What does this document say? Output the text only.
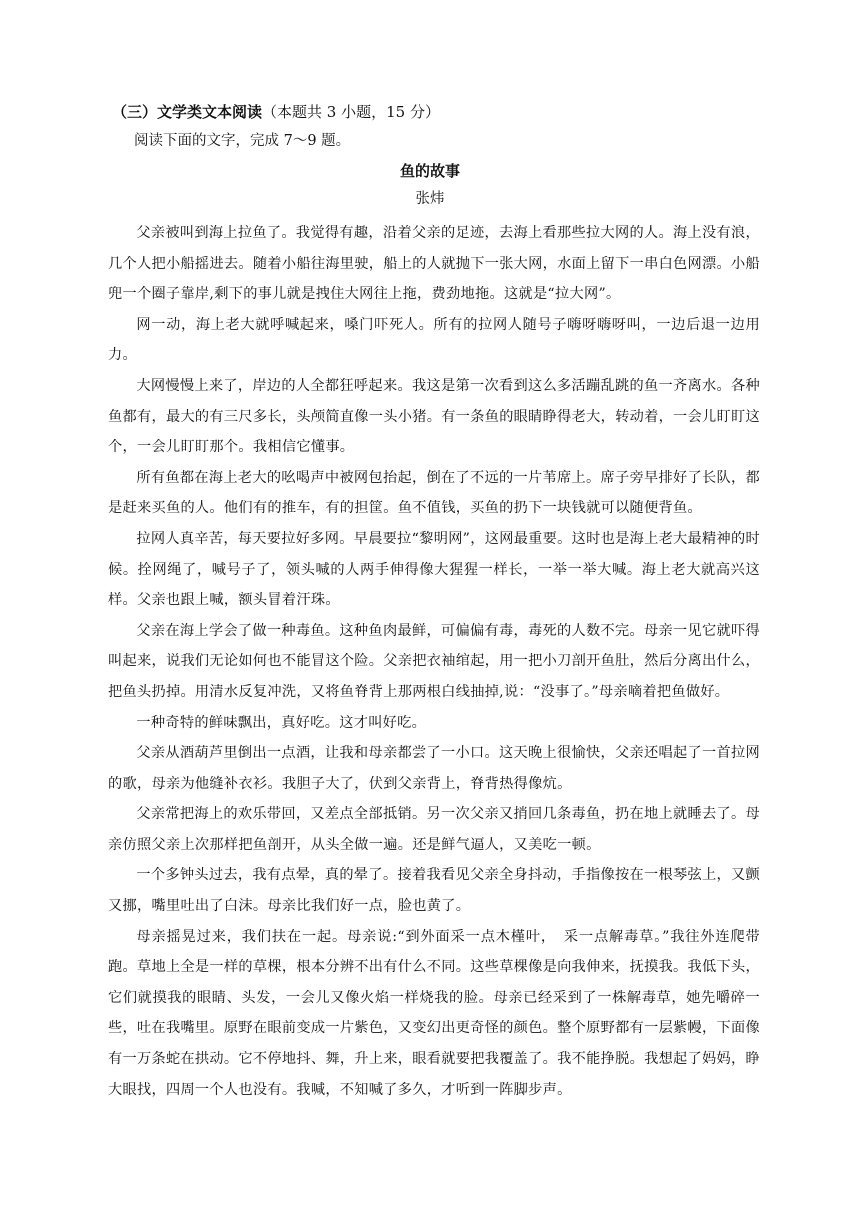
（三）文学类文本阅读（本题共 3 小题，15 分）
阅读下面的文字，完成 7～9 题。
鱼的故事
张炜

父亲被叫到海上拉鱼了。我觉得有趣，沿着父亲的足迹，去海上看那些拉大网的人。海上没有浪，几个人把小船摇进去。随着小船往海里驶，船上的人就抛下一张大网，水面上留下一串白色网漂。小船兜一个圈子靠岸,剩下的事儿就是拽住大网往上拖，费劲地拖。这就是“拉大网”。

网一动，海上老大就呼喊起来，嗓门吓死人。所有的拉网人随号子嗨呀嗨呀叫，一边后退一边用力。

大网慢慢上来了，岸边的人全都狂呼起来。我这是第一次看到这么多活蹦乱跳的鱼一齐离水。各种鱼都有，最大的有三尺多长，头颅简直像一头小猪。有一条鱼的眼睛睁得老大，转动着，一会儿盯盯这个，一会儿盯盯那个。我相信它懂事。

所有鱼都在海上老大的吆喝声中被网包抬起，倒在了不远的一片苇席上。席子旁早排好了长队，都是赶来买鱼的人。他们有的推车，有的担筐。鱼不值钱，买鱼的扔下一块钱就可以随便背鱼。

拉网人真辛苦，每天要拉好多网。早晨要拉“黎明网”，这网最重要。这时也是海上老大最精神的时候。拴网绳了，喊号子了，领头喊的人两手伸得像大猩猩一样长，一举一举大喊。海上老大就高兴这样。父亲也跟上喊，额头冒着汗珠。

父亲在海上学会了做一种毒鱼。这种鱼肉最鲜，可偏偏有毒，毒死的人数不完。母亲一见它就吓得叫起来，说我们无论如何也不能冒这个险。父亲把衣袖绾起，用一把小刀剖开鱼肚，然后分离出什么，把鱼头扔掉。用清水反复冲洗，又将鱼脊背上那两根白线抽掉,说：“没事了。”母亲嘀着把鱼做好。

一种奇特的鲜味飘出，真好吃。这才叫好吃。

父亲从酒葫芦里倒出一点酒，让我和母亲都尝了一小口。这天晚上很愉快，父亲还唱起了一首拉网的歌，母亲为他缝补衣衫。我胆子大了，伏到父亲背上，脊背热得像炕。

父亲常把海上的欢乐带回，又差点全部抵销。另一次父亲又捎回几条毒鱼，扔在地上就睡去了。母亲仿照父亲上次那样把鱼剖开，从头全做一遍。还是鲜气逼人，又美吃一顿。

一个多钟头过去，我有点晕，真的晕了。接着我看见父亲全身抖动，手指像按在一根琴弦上，又颤又挪，嘴里吐出了白沫。母亲比我们好一点，脸也黄了。

母亲摇晃过来，我们扶在一起。母亲说:“到外面采一点木槿叶，　采一点解毒草。”我往外连爬带跑。草地上全是一样的草棵，根本分辨不出有什么不同。这些草棵像是向我伸来，抚摸我。我低下头，它们就摸我的眼睛、头发，一会儿又像火焰一样烧我的脸。母亲已经采到了一株解毒草，她先嚼碎一些，吐在我嘴里。原野在眼前变成一片紫色，又变幻出更奇怪的颜色。整个原野都有一层紫幔，下面像有一万条蛇在拱动。它不停地抖、舞，升上来，眼看就要把我覆盖了。我不能挣脱。我想起了妈妈，睁大眼找，四周一个人也没有。我喊，不知喊了多久，才听到一阵脚步声。
